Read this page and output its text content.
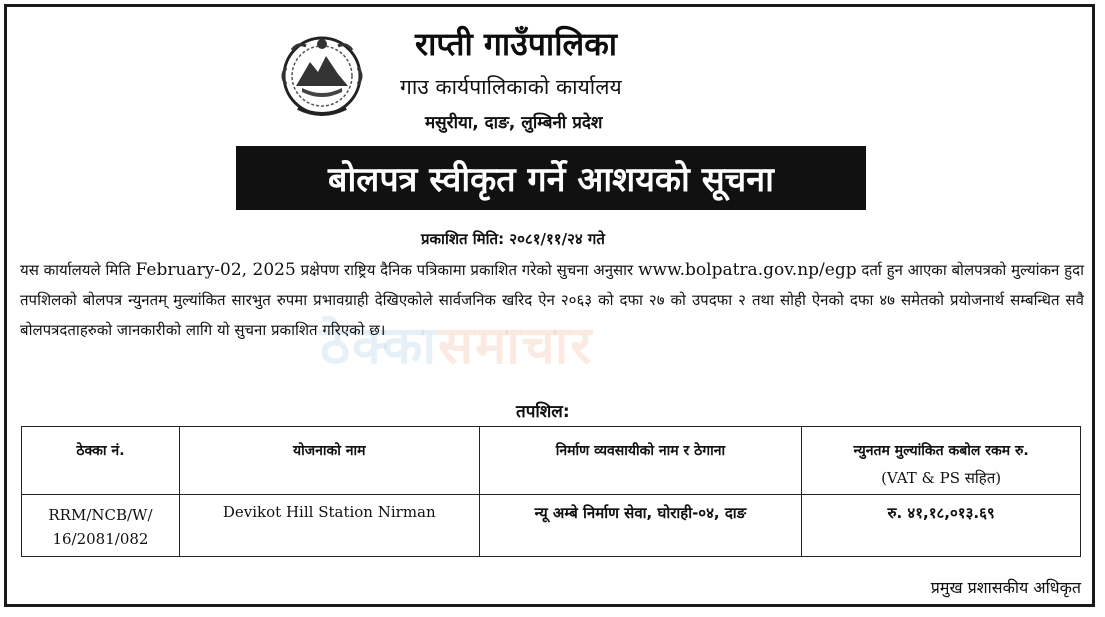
राप्ती गाउँपालिका
गाउ कार्यपालिकाको कार्यालय
मसुरीया, दाङ, लुम्बिनी प्रदेश
बोलपत्र स्वीकृत गर्ने आशयको सूचना
प्रकाशित मिति: २०८१/११/२४ गते
ठेक्कासमाचार
यस कार्यालयले मिति February-02, 2025 प्रक्षेपण राष्ट्रिय दैनिक पत्रिकामा प्रकाशित गरेको सुचना अनुसार www.bolpatra.gov.np/egp दर्ता हुन आएका बोलपत्रको मुल्यांकन हुदा तपशिलको बोलपत्र न्युनतम् मुल्यांकित सारभुत रुपमा प्रभावग्राही देखिएकोले सार्वजनिक खरिद ऐन २०६३ को दफा २७ को उपदफा २ तथा सोही ऐनको दफा ४७ समेतको प्रयोजनार्थ सम्बन्धित सवै बोलपत्रदताहरुको जानकारीको लागि यो सुचना प्रकाशित गरिएको छ।
तपशिल:
ठेक्का नं.	योजनाको नाम	निर्माण व्यवसायीको नाम र ठेगाना	न्युनतम मुल्यांकित कबोल रकम रु.
(VAT & PS सहित)

RRM/NCB/W/ 16/2081/082	Devikot Hill Station Nirman	न्यू अम्बे निर्माण सेवा, घोराही-०४, दाङ	रु. ४१,१८,०१३.६९
प्रमुख प्रशासकीय अधिकृत
